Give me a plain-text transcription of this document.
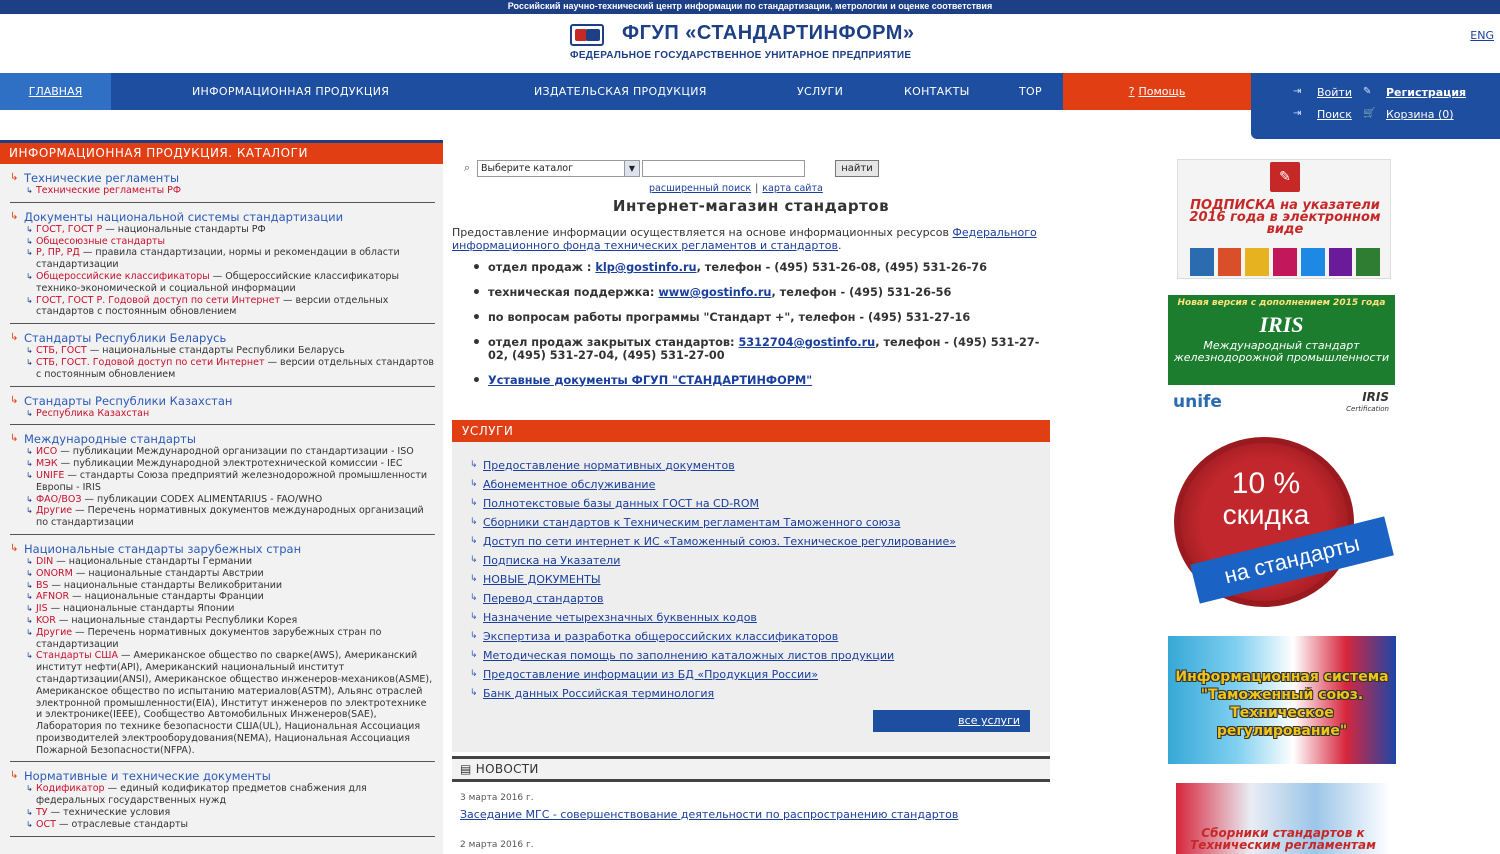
Российский научно-технический центр информации по стандартизации, метрологии и оценке соответствия
ФГУП «СТАНДАРТИНФОРМ»
ФЕДЕРАЛЬНОЕ ГОСУДАРСТВЕННОЕ УНИТАРНОЕ ПРЕДПРИЯТИЕ
ENG
ГЛАВНАЯ	ИНФОРМАЦИОННАЯ ПРОДУКЦИЯ	ИЗДАТЕЛЬСКАЯ ПРОДУКЦИЯ	УСЛУГИ	КОНТАКТЫ	ТОР	? Помощь	⇥ Войти ✎ Регистрация
⇥ Поиск 🛒 Корзина (0)
ИНФОРМАЦИОННАЯ ПРОДУКЦИЯ. КАТАЛОГИ
↳ Технические регламенты
↳ Технические регламенты РФ
↳ Документы национальной системы стандартизации
↳ ГОСТ, ГОСТ Р — национальные стандарты РФ
↳ Общесоюзные стандарты
↳ Р, ПР, РД — правила стандартизации, нормы и рекомендации в области стандартизации
↳ Общероссийские классификаторы — Общероссийские классификаторы технико-экономической и социальной информации
↳ ГОСТ, ГОСТ Р. Годовой доступ по сети Интернет — версии отдельных стандартов с постоянным обновлением
↳ Стандарты Республики Беларусь
↳ СТБ, ГОСТ — национальные стандарты Республики Беларусь
↳ СТБ, ГОСТ. Годовой доступ по сети Интернет — версии отдельных стандартов с постоянным обновлением
↳ Стандарты Республики Казахстан
↳ Республика Казахстан
↳ Международные стандарты
↳ ИСО — публикации Международной организации по стандартизации - ISO
↳ МЭК — публикации Международной электротехнической комиссии - IEC
↳ UNIFE — стандарты Союза предприятий железнодорожной промышленности Европы - IRIS
↳ ФАО/ВОЗ — публикации CODEX ALIMENTARIUS - FAO/WHO
↳ Другие — Перечень нормативных документов международных организаций по стандартизации
↳ Национальные стандарты зарубежных стран
↳ DIN — национальные стандарты Германии
↳ ONORM — национальные стандарты Австрии
↳ BS — национальные стандарты Великобритании
↳ AFNOR — национальные стандарты Франции
↳ JIS — национальные стандарты Японии
↳ KOR — национальные стандарты Республики Корея
↳ Другие — Перечень нормативных документов зарубежных стран по стандартизации
↳ Стандарты США — Американское общество по сварке(AWS), Американский институт нефти(API), Американский национальный институт стандартизации(ANSI), Американское общество инженеров-механиков(ASME), Американское общество по испытанию материалов(ASTM), Альянс отраслей электронной промышленности(EIA), Институт инженеров по электротехнике и электронике(IEEE), Сообщество Автомобильных Инженеров(SAE), Лаборатория по технике безопасности США(UL), Национальная Ассоциация производителей электрооборудования(NEMA), Национальная Ассоциация Пожарной Безопасности(NFPA).
↳ Нормативные и технические документы
↳ Кодификатор — единый кодификатор предметов снабжения для федеральных государственных нужд
↳ ТУ — технические условия
↳ ОСТ — отраслевые стандарты
⌕	Выберите каталог	▼	найти
расширенный поиск | карта сайта
Интернет-магазин стандартов
Предоставление информации осуществляется на основе информационных ресурсов Федерального информационного фонда технических регламентов и стандартов.
• отдел продаж : klp@gostinfo.ru, телефон - (495) 531-26-08, (495) 531-26-76
• техническая поддержка: www@gostinfo.ru, телефон - (495) 531-26-56
• по вопросам работы программы "Стандарт +", телефон - (495) 531-27-16
• отдел продаж закрытых стандартов: 5312704@gostinfo.ru, телефон - (495) 531-27-02, (495) 531-27-04, (495) 531-27-00
• Уставные документы ФГУП "СТАНДАРТИНФОРМ"
УСЛУГИ
↳ Предоставление нормативных документов
↳ Абонементное обслуживание
↳ Полнотекстовые базы данных ГОСТ на CD-ROM
↳ Сборники стандартов к Техническим регламентам Таможенного союза
↳ Доступ по сети интернет к ИС «Таможенный союз. Техническое регулирование»
↳ Подписка на Указатели
↳ НОВЫЕ ДОКУМЕНТЫ
↳ Перевод стандартов
↳ Назначение четырехзначных буквенных кодов
↳ Экспертиза и разработка общероссийских классификаторов
↳ Методическая помощь по заполнению каталожных листов продукции
↳ Предоставление информации из БД «Продукция России»
↳ Банк данных Российская терминология
все услуги
▤ НОВОСТИ
3 марта 2016 г.
Заседание МГС - совершенствование деятельности по распространению стандартов
2 марта 2016 г.
✎
ПОДПИСКА на указатели 2016 года в электронном виде
Новая версия с дополнением 2015 года
IRIS
Международный стандарт железнодорожной промышленности
unife	IRIS
Certification
10 %
скидка
на стандарты
Информационная система "Таможенный союз. Техническое регулирование"
Сборники стандартов к Техническим регламентам
